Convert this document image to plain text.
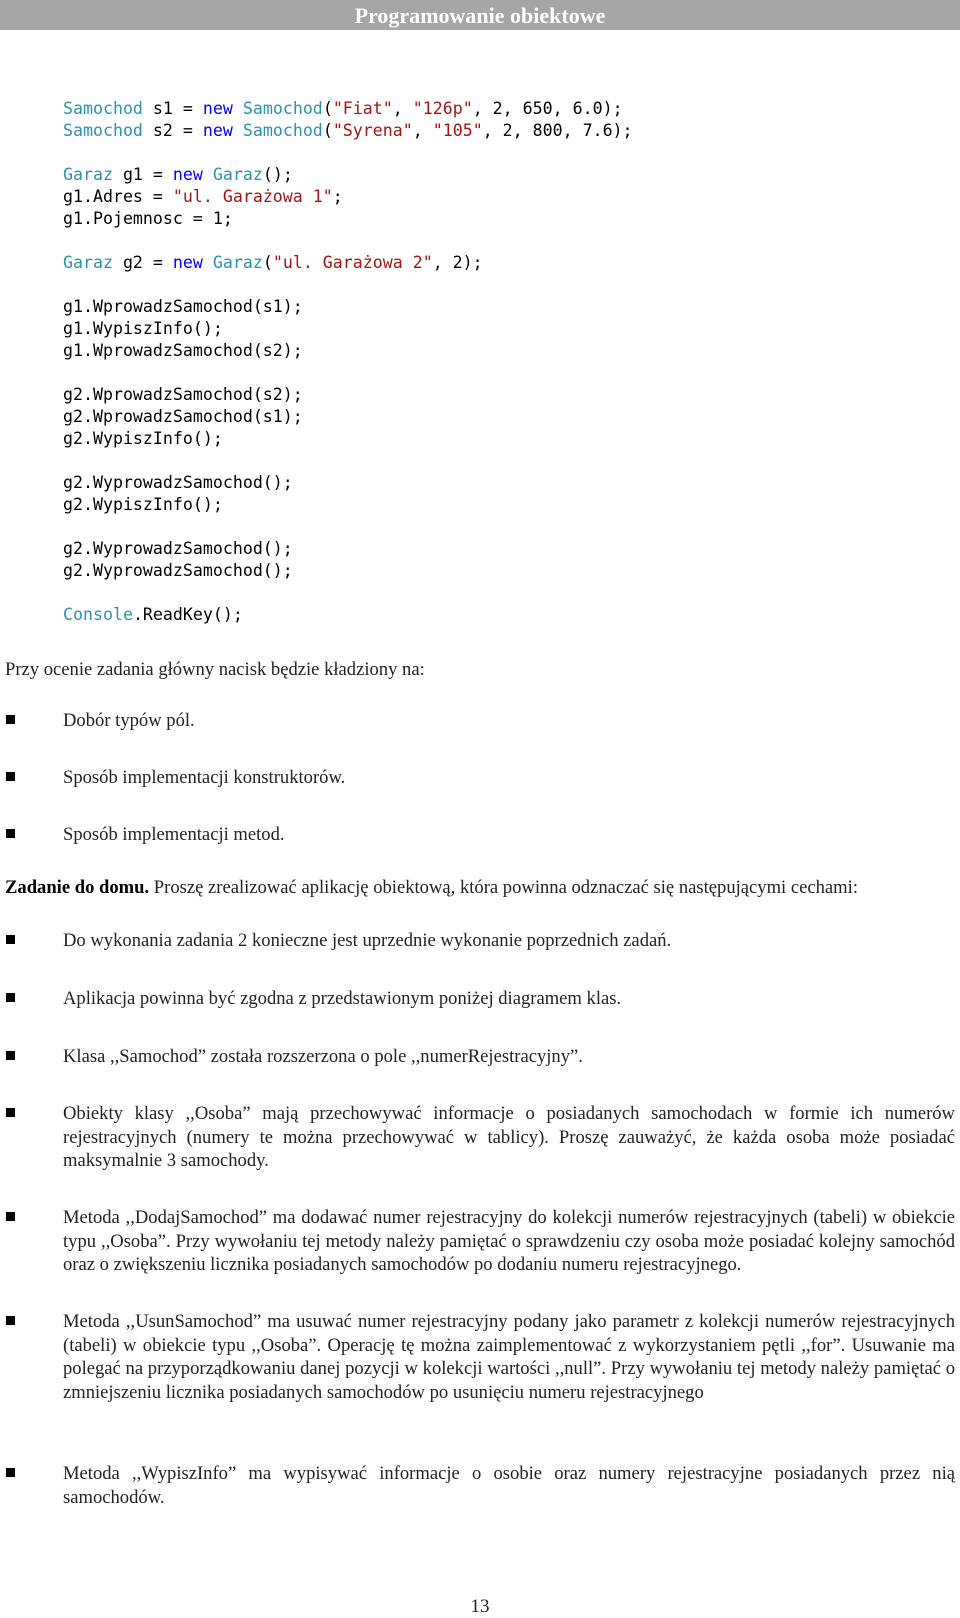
Programowanie obiektowe
Samochod s1 = new Samochod("Fiat", "126p", 2, 650, 6.0);
Samochod s2 = new Samochod("Syrena", "105", 2, 800, 7.6);
Garaz g1 = new Garaz();
g1.Adres = "ul. Garażowa 1";
g1.Pojemnosc = 1;
Garaz g2 = new Garaz("ul. Garażowa 2", 2);
g1.WprowadzSamochod(s1);
g1.WypiszInfo();
g1.WprowadzSamochod(s2);
g2.WprowadzSamochod(s2);
g2.WprowadzSamochod(s1);
g2.WypiszInfo();
g2.WyprowadzSamochod();
g2.WypiszInfo();
g2.WyprowadzSamochod();
g2.WyprowadzSamochod();
Console.ReadKey();
Przy ocenie zadania główny nacisk będzie kładziony na:
Dobór typów pól.
Sposób implementacji konstruktorów.
Sposób implementacji metod.
Zadanie do domu. Proszę zrealizować aplikację obiektową, która powinna odznaczać się następującymi cechami:
Do wykonania zadania 2 konieczne jest uprzednie wykonanie poprzednich zadań.
Aplikacja powinna być zgodna z przedstawionym poniżej diagramem klas.
Klasa ,,Samochod” została rozszerzona o pole ,,numerRejestracyjny”.
Obiekty klasy ,,Osoba” mają przechowywać informacje o posiadanych samochodach w formie ich numerów rejestracyjnych (numery te można przechowywać w tablicy). Proszę zauważyć, że każda osoba może posiadać maksymalnie 3 samochody.
Metoda ,,DodajSamochod” ma dodawać numer rejestracyjny do kolekcji numerów rejestracyjnych (tabeli) w obiekcie typu ,,Osoba”. Przy wywołaniu tej metody należy pamiętać o sprawdzeniu czy osoba może posiadać kolejny samochód oraz o zwiększeniu licznika posiadanych samochodów po dodaniu numeru rejestracyjnego.
Metoda ,,UsunSamochod” ma usuwać numer rejestracyjny podany jako parametr z kolekcji numerów rejestracyjnych (tabeli) w obiekcie typu ,,Osoba”. Operację tę można zaimplementować z wykorzystaniem pętli ,,for”. Usuwanie ma polegać na przyporządkowaniu danej pozycji w kolekcji wartości ,,null”. Przy wywołaniu tej metody należy pamiętać o zmniejszeniu licznika posiadanych samochodów po usunięciu numeru rejestracyjnego
Metoda ,,WypiszInfo” ma wypisywać informacje o osobie oraz numery rejestracyjne posiadanych przez nią samochodów.
13
